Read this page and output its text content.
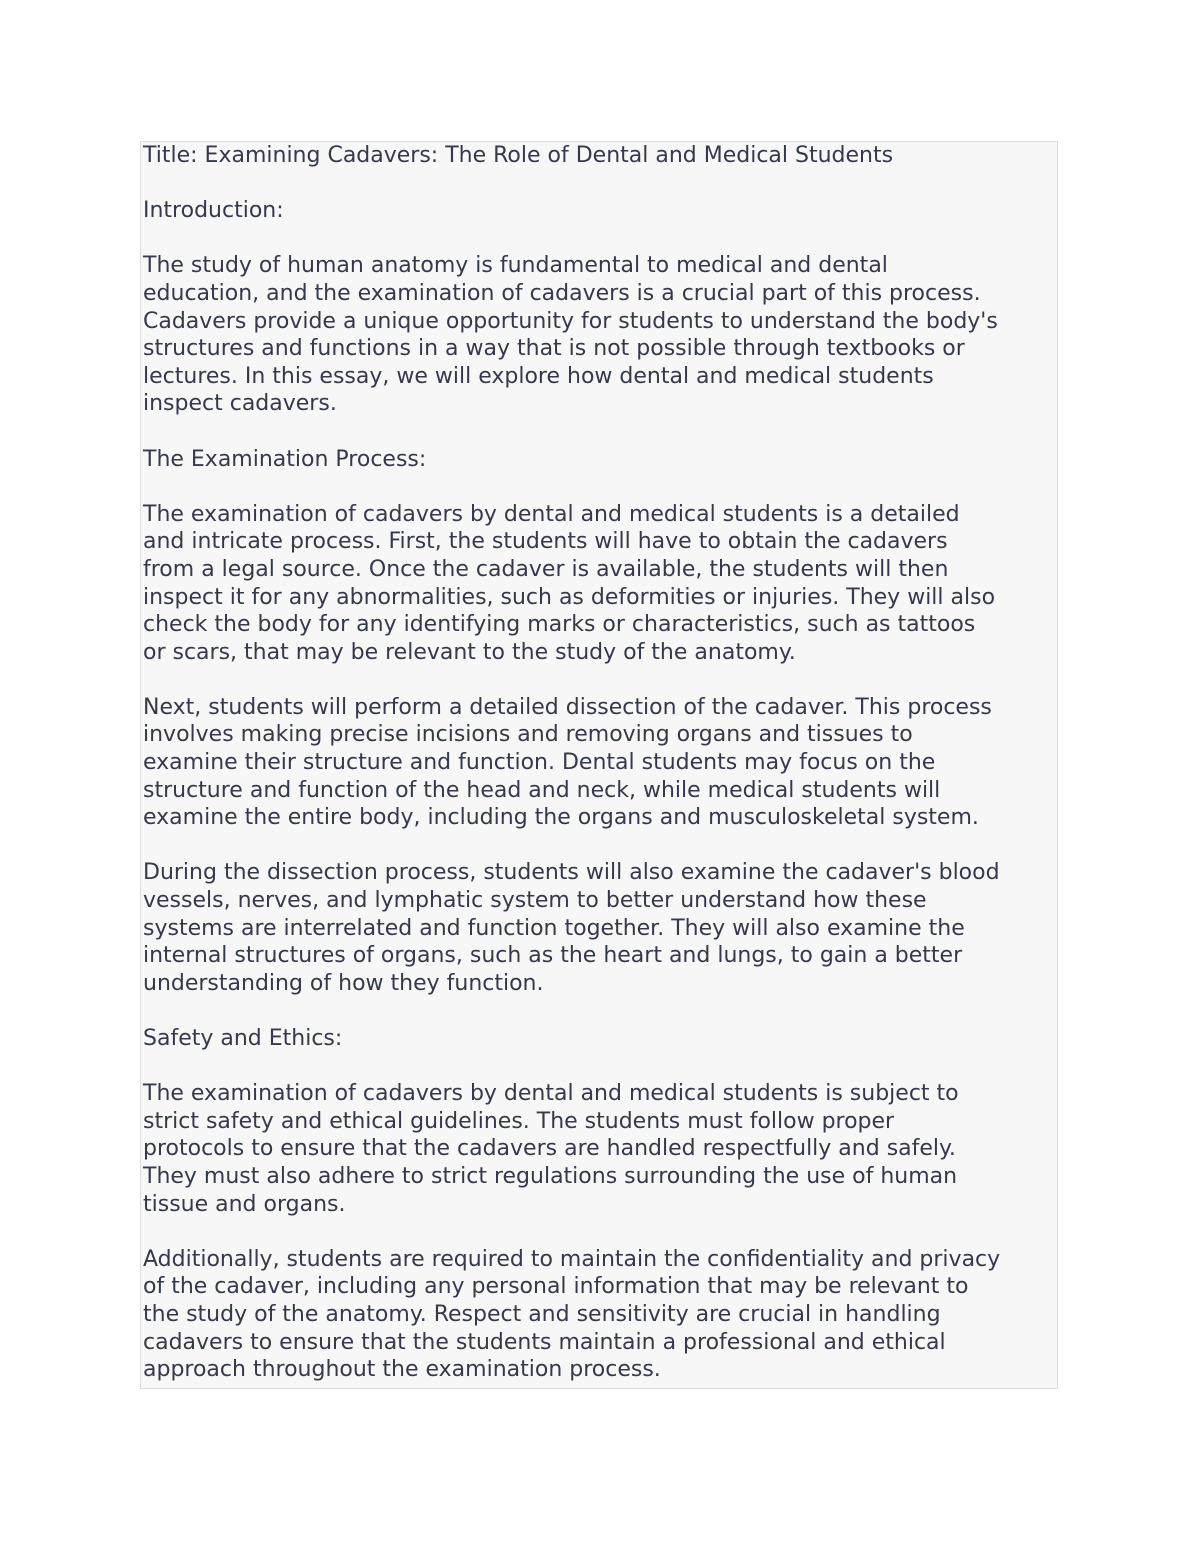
Title: Examining Cadavers: The Role of Dental and Medical Students

Introduction:

The study of human anatomy is fundamental to medical and dental
education, and the examination of cadavers is a crucial part of this process.
Cadavers provide a unique opportunity for students to understand the body's
structures and functions in a way that is not possible through textbooks or
lectures. In this essay, we will explore how dental and medical students
inspect cadavers.

The Examination Process:

The examination of cadavers by dental and medical students is a detailed
and intricate process. First, the students will have to obtain the cadavers
from a legal source. Once the cadaver is available, the students will then
inspect it for any abnormalities, such as deformities or injuries. They will also
check the body for any identifying marks or characteristics, such as tattoos
or scars, that may be relevant to the study of the anatomy.

Next, students will perform a detailed dissection of the cadaver. This process
involves making precise incisions and removing organs and tissues to
examine their structure and function. Dental students may focus on the
structure and function of the head and neck, while medical students will
examine the entire body, including the organs and musculoskeletal system.

During the dissection process, students will also examine the cadaver's blood
vessels, nerves, and lymphatic system to better understand how these
systems are interrelated and function together. They will also examine the
internal structures of organs, such as the heart and lungs, to gain a better
understanding of how they function.

Safety and Ethics:

The examination of cadavers by dental and medical students is subject to
strict safety and ethical guidelines. The students must follow proper
protocols to ensure that the cadavers are handled respectfully and safely.
They must also adhere to strict regulations surrounding the use of human
tissue and organs.

Additionally, students are required to maintain the confidentiality and privacy
of the cadaver, including any personal information that may be relevant to
the study of the anatomy. Respect and sensitivity are crucial in handling
cadavers to ensure that the students maintain a professional and ethical
approach throughout the examination process.
